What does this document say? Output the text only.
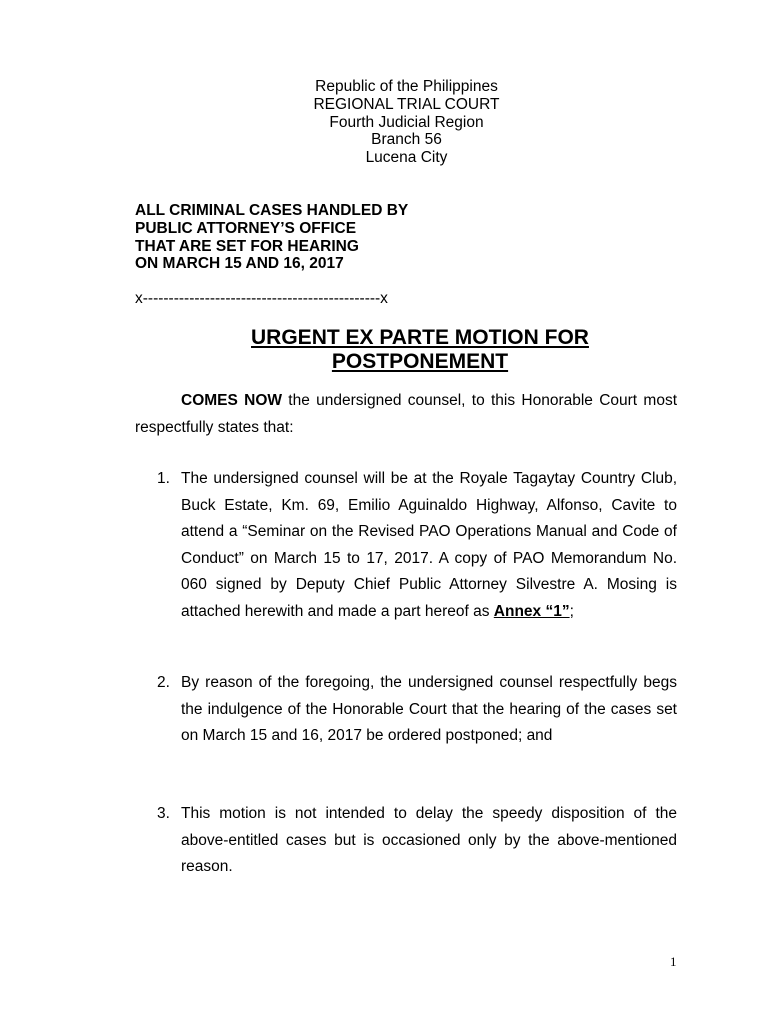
Republic of the Philippines
REGIONAL TRIAL COURT
Fourth Judicial Region
Branch 56
Lucena City
ALL CRIMINAL CASES HANDLED BY
PUBLIC ATTORNEY’S OFFICE
THAT ARE SET FOR HEARING
ON MARCH 15 AND 16, 2017
x----------------------------------------------x
URGENT EX PARTE MOTION FOR
POSTPONEMENT
COMES NOW the undersigned counsel, to this Honorable Court most respectfully states that:
1. The undersigned counsel will be at the Royale Tagaytay Country Club, Buck Estate, Km. 69, Emilio Aguinaldo Highway, Alfonso, Cavite to attend a “Seminar on the Revised PAO Operations Manual and Code of Conduct” on March 15 to 17, 2017. A copy of PAO Memorandum No. 060 signed by Deputy Chief Public Attorney Silvestre A. Mosing is attached herewith and made a part hereof as Annex “1”;
2. By reason of the foregoing, the undersigned counsel respectfully begs the indulgence of the Honorable Court that the hearing of the cases set on March 15 and 16, 2017 be ordered postponed; and
3. This motion is not intended to delay the speedy disposition of the above-entitled cases but is occasioned only by the above-mentioned reason.
1
